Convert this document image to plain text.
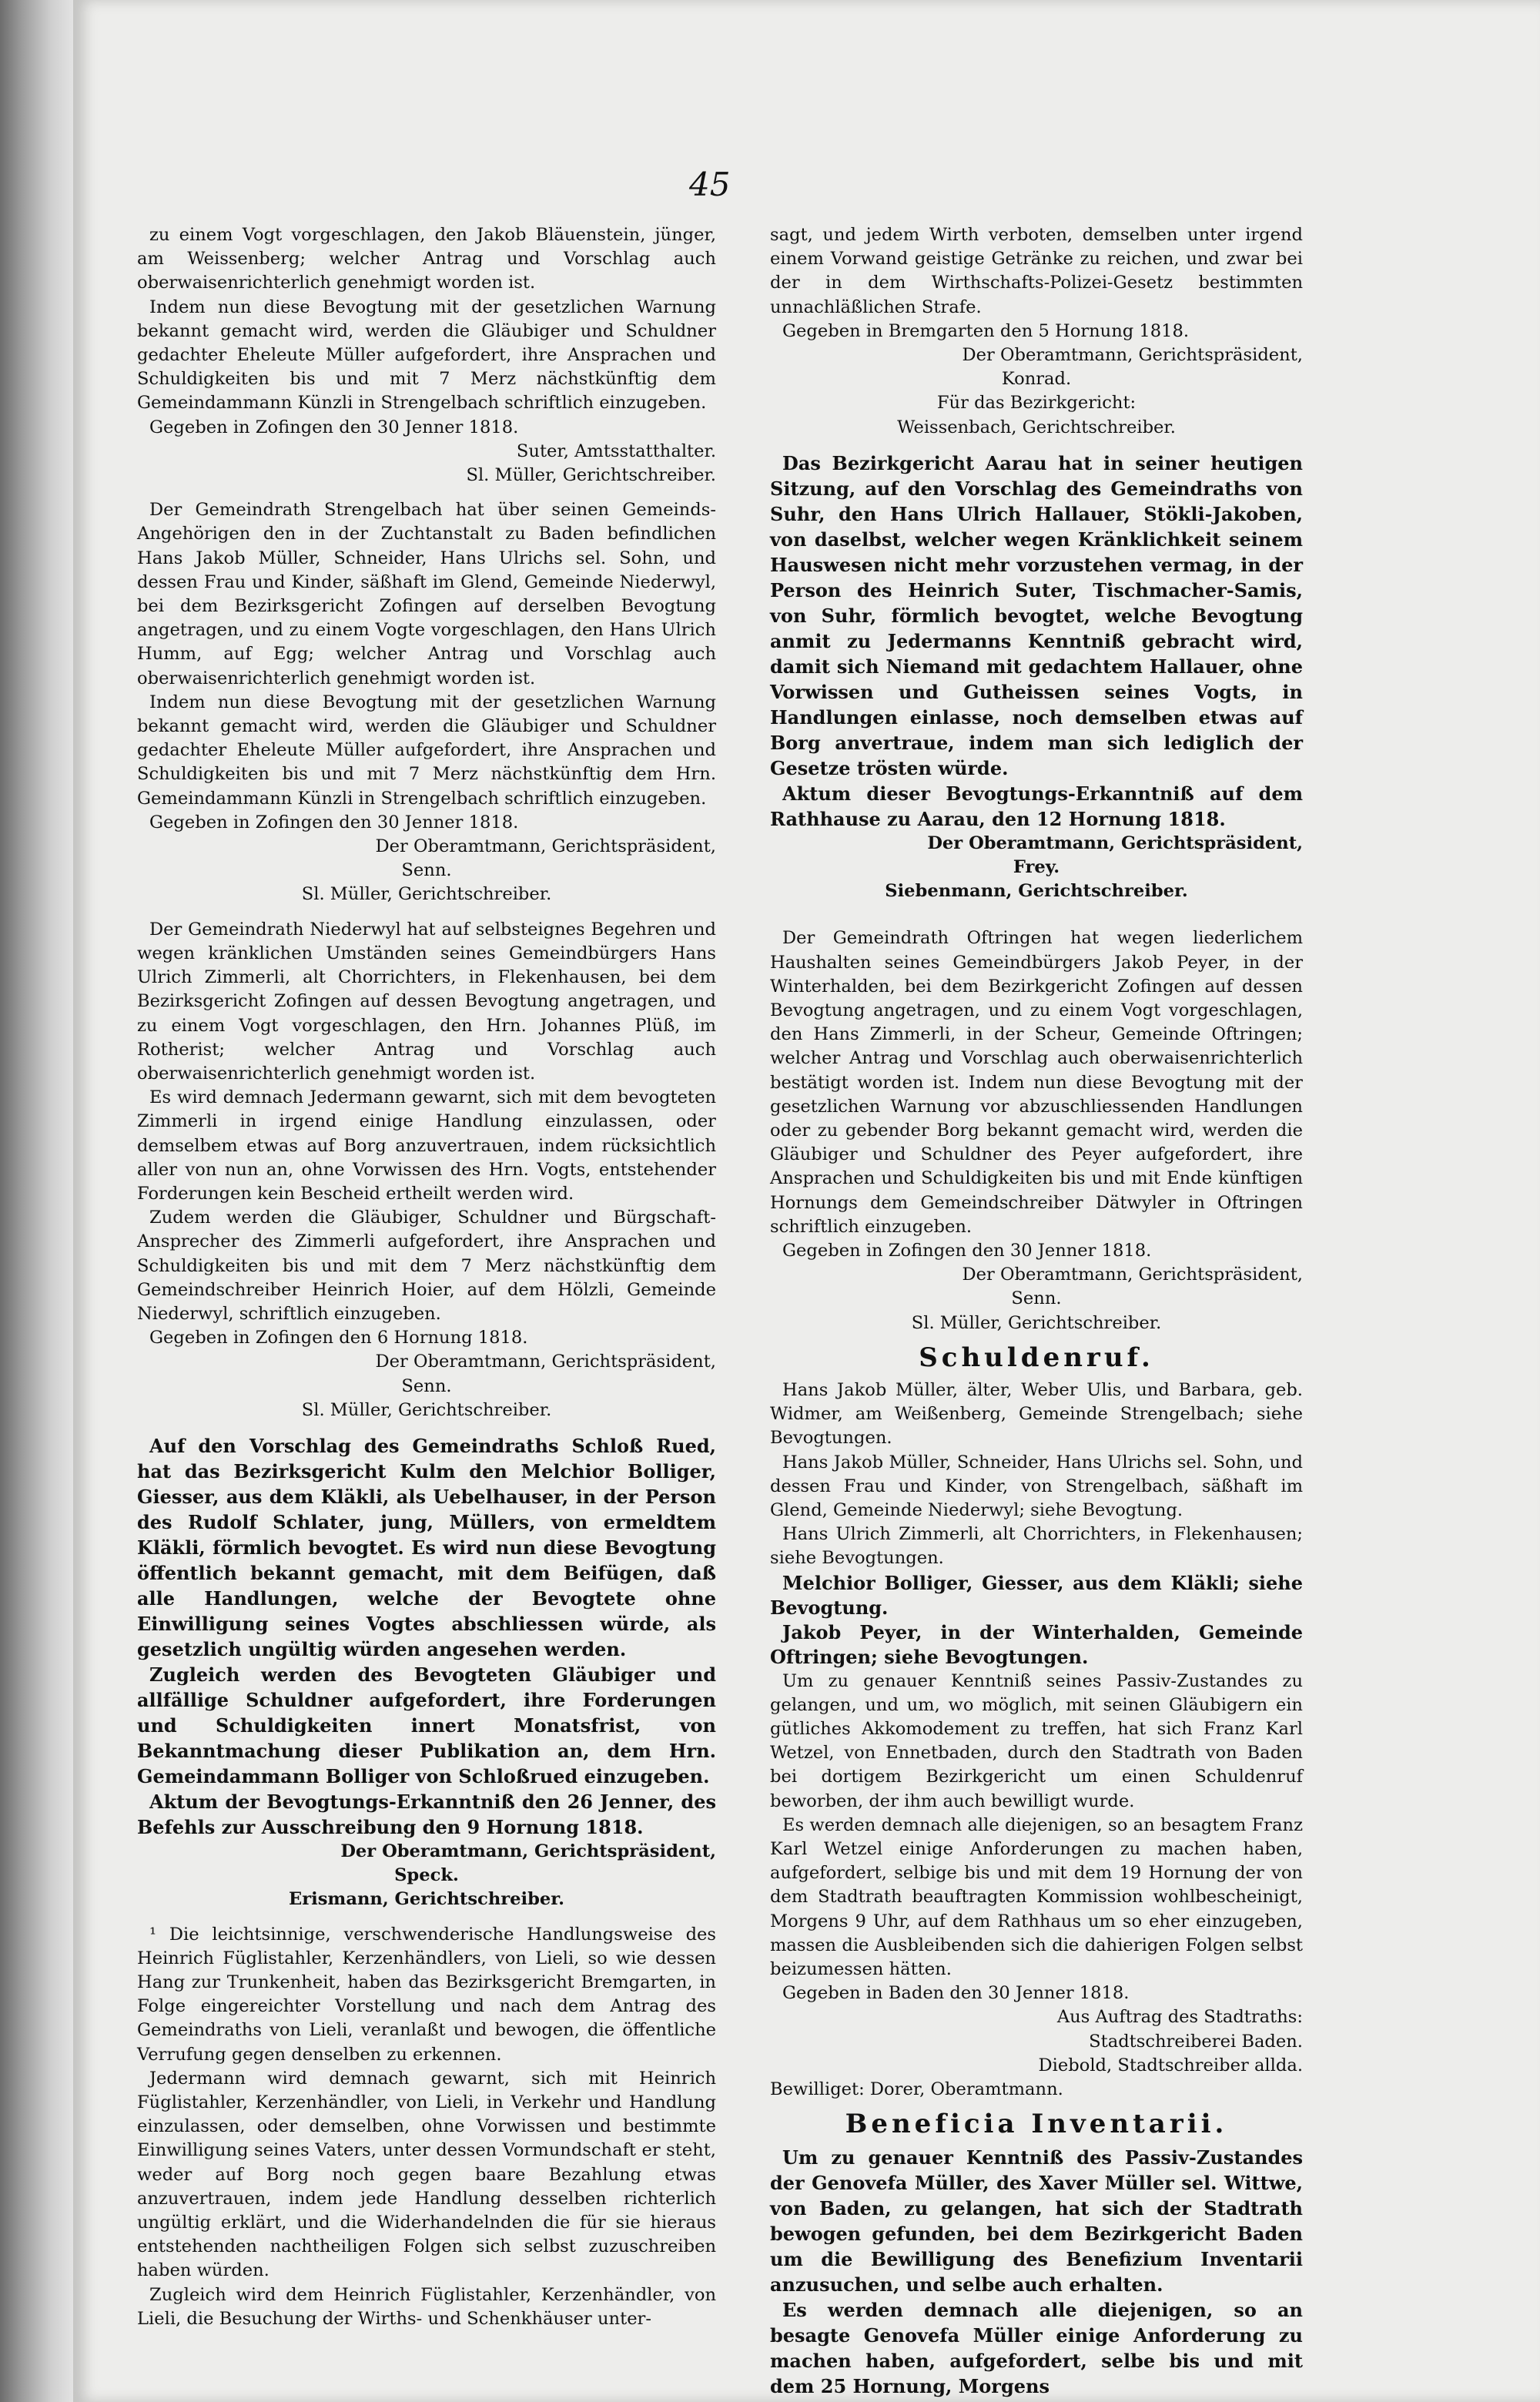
45

zu einem Vogt vorgeschlagen, den Jakob Bläuenstein, jünger, am Weissenberg; welcher Antrag und Vorschlag auch oberwaisenrichterlich genehmigt worden ist.

Indem nun diese Bevogtung mit der gesetzlichen Warnung bekannt gemacht wird, werden die Gläubiger und Schuldner gedachter Eheleute Müller aufgefordert, ihre Ansprachen und Schuldigkeiten bis und mit 7 Merz nächstkünftig dem Gemeindammann Künzli in Strengelbach schriftlich einzugeben.

Gegeben in Zofingen den 30 Jenner 1818.

Suter, Amtsstatthalter.
Sl. Müller, Gerichtschreiber.

Der Gemeindrath Strengelbach hat über seinen Gemeinds-Angehörigen den in der Zuchtanstalt zu Baden befindlichen Hans Jakob Müller, Schneider, Hans Ulrichs sel. Sohn, und dessen Frau und Kinder, säßhaft im Glend, Gemeinde Niederwyl, bei dem Bezirksgericht Zofingen auf derselben Bevogtung angetragen, und zu einem Vogte vorgeschlagen, den Hans Ulrich Humm, auf Egg; welcher Antrag und Vorschlag auch oberwaisenrichterlich genehmigt worden ist.

Indem nun diese Bevogtung mit der gesetzlichen Warnung bekannt gemacht wird, werden die Gläubiger und Schuldner gedachter Eheleute Müller aufgefordert, ihre Ansprachen und Schuldigkeiten bis und mit 7 Merz nächstkünftig dem Hrn. Gemeindammann Künzli in Strengelbach schriftlich einzugeben.

Gegeben in Zofingen den 30 Jenner 1818.

Der Oberamtmann, Gerichtspräsident,
Senn.
Sl. Müller, Gerichtschreiber.

Der Gemeindrath Niederwyl hat auf selbsteignes Begehren und wegen kränklichen Umständen seines Gemeindbürgers Hans Ulrich Zimmerli, alt Chorrichters, in Flekenhausen, bei dem Bezirksgericht Zofingen auf dessen Bevogtung angetragen, und zu einem Vogt vorgeschlagen, den Hrn. Johannes Plüß, im Rotherist; welcher Antrag und Vorschlag auch oberwaisenrichterlich genehmigt worden ist.

Es wird demnach Jedermann gewarnt, sich mit dem bevogteten Zimmerli in irgend einige Handlung einzulassen, oder demselbem etwas auf Borg anzuvertrauen, indem rücksichtlich aller von nun an, ohne Vorwissen des Hrn. Vogts, entstehender Forderungen kein Bescheid ertheilt werden wird.

Zudem werden die Gläubiger, Schuldner und Bürgschaft-Ansprecher des Zimmerli aufgefordert, ihre Ansprachen und Schuldigkeiten bis und mit dem 7 Merz nächstkünftig dem Gemeindschreiber Heinrich Hoier, auf dem Hölzli, Gemeinde Niederwyl, schriftlich einzugeben.

Gegeben in Zofingen den 6 Hornung 1818.

Der Oberamtmann, Gerichtspräsident,
Senn.
Sl. Müller, Gerichtschreiber.

Auf den Vorschlag des Gemeindraths Schloß Rued, hat das Bezirksgericht Kulm den Melchior Bolliger, Giesser, aus dem Kläkli, als Uebelhauser, in der Person des Rudolf Schlater, jung, Müllers, von ermeldtem Kläkli, förmlich bevogtet. Es wird nun diese Bevogtung öffentlich bekannt gemacht, mit dem Beifügen, daß alle Handlungen, welche der Bevogtete ohne Einwilligung seines Vogtes abschliessen würde, als gesetzlich ungültig würden angesehen werden.

Zugleich werden des Bevogteten Gläubiger und allfällige Schuldner aufgefordert, ihre Forderungen und Schuldigkeiten innert Monatsfrist, von Bekanntmachung dieser Publikation an, dem Hrn. Gemeindammann Bolliger von Schloßrued einzugeben.

Aktum der Bevogtungs-Erkanntniß den 26 Jenner, des Befehls zur Ausschreibung den 9 Hornung 1818.

Der Oberamtmann, Gerichtspräsident,
Speck.
Erismann, Gerichtschreiber.

¹ Die leichtsinnige, verschwenderische Handlungsweise des Heinrich Füglistahler, Kerzenhändlers, von Lieli, so wie dessen Hang zur Trunkenheit, haben das Bezirksgericht Bremgarten, in Folge eingereichter Vorstellung und nach dem Antrag des Gemeindraths von Lieli, veranlaßt und bewogen, die öffentliche Verrufung gegen denselben zu erkennen.

Jedermann wird demnach gewarnt, sich mit Heinrich Füglistahler, Kerzenhändler, von Lieli, in Verkehr und Handlung einzulassen, oder demselben, ohne Vorwissen und bestimmte Einwilligung seines Vaters, unter dessen Vormundschaft er steht, weder auf Borg noch gegen baare Bezahlung etwas anzuvertrauen, indem jede Handlung desselben richterlich ungültig erklärt, und die Widerhandelnden die für sie hieraus entstehenden nachtheiligen Folgen sich selbst zuzuschreiben haben würden.

Zugleich wird dem Heinrich Füglistahler, Kerzenhändler, von Lieli, die Besuchung der Wirths- und Schenkhäuser unter-

sagt, und jedem Wirth verboten, demselben unter irgend einem Vorwand geistige Getränke zu reichen, und zwar bei der in dem Wirthschafts-Polizei-Gesetz bestimmten unnachläßlichen Strafe.

Gegeben in Bremgarten den 5 Hornung 1818.

Der Oberamtmann, Gerichtspräsident,
Konrad.
Für das Bezirkgericht:
Weissenbach, Gerichtschreiber.

Das Bezirkgericht Aarau hat in seiner heutigen Sitzung, auf den Vorschlag des Gemeindraths von Suhr, den Hans Ulrich Hallauer, Stökli-Jakoben, von daselbst, welcher wegen Kränklichkeit seinem Hauswesen nicht mehr vorzustehen vermag, in der Person des Heinrich Suter, Tischmacher-Samis, von Suhr, förmlich bevogtet, welche Bevogtung anmit zu Jedermanns Kenntniß gebracht wird, damit sich Niemand mit gedachtem Hallauer, ohne Vorwissen und Gutheissen seines Vogts, in Handlungen einlasse, noch demselben etwas auf Borg anvertraue, indem man sich lediglich der Gesetze trösten würde.

Aktum dieser Bevogtungs-Erkanntniß auf dem Rathhause zu Aarau, den 12 Hornung 1818.

Der Oberamtmann, Gerichtspräsident,
Frey.
Siebenmann, Gerichtschreiber.

Der Gemeindrath Oftringen hat wegen liederlichem Haushalten seines Gemeindbürgers Jakob Peyer, in der Winterhalden, bei dem Bezirkgericht Zofingen auf dessen Bevogtung angetragen, und zu einem Vogt vorgeschlagen, den Hans Zimmerli, in der Scheur, Gemeinde Oftringen; welcher Antrag und Vorschlag auch oberwaisenrichterlich bestätigt worden ist. Indem nun diese Bevogtung mit der gesetzlichen Warnung vor abzuschliessenden Handlungen oder zu gebender Borg bekannt gemacht wird, werden die Gläubiger und Schuldner des Peyer aufgefordert, ihre Ansprachen und Schuldigkeiten bis und mit Ende künftigen Hornungs dem Gemeindschreiber Dätwyler in Oftringen schriftlich einzugeben.

Gegeben in Zofingen den 30 Jenner 1818.

Der Oberamtmann, Gerichtspräsident,
Senn.
Sl. Müller, Gerichtschreiber.
Schuldenruf.

Hans Jakob Müller, älter, Weber Ulis, und Barbara, geb. Widmer, am Weißenberg, Gemeinde Strengelbach; siehe Bevogtungen.

Hans Jakob Müller, Schneider, Hans Ulrichs sel. Sohn, und dessen Frau und Kinder, von Strengelbach, säßhaft im Glend, Gemeinde Niederwyl; siehe Bevogtung.

Hans Ulrich Zimmerli, alt Chorrichters, in Flekenhausen; siehe Bevogtungen.

Melchior Bolliger, Giesser, aus dem Kläkli; siehe Bevogtung.

Jakob Peyer, in der Winterhalden, Gemeinde Oftringen; siehe Bevogtungen.

Um zu genauer Kenntniß seines Passiv-Zustandes zu gelangen, und um, wo möglich, mit seinen Gläubigern ein gütliches Akkomodement zu treffen, hat sich Franz Karl Wetzel, von Ennetbaden, durch den Stadtrath von Baden bei dortigem Bezirkgericht um einen Schuldenruf beworben, der ihm auch bewilligt wurde.

Es werden demnach alle diejenigen, so an besagtem Franz Karl Wetzel einige Anforderungen zu machen haben, aufgefordert, selbige bis und mit dem 19 Hornung der von dem Stadtrath beauftragten Kommission wohlbescheinigt, Morgens 9 Uhr, auf dem Rathhaus um so eher einzugeben, massen die Ausbleibenden sich die dahierigen Folgen selbst beizumessen hätten.

Gegeben in Baden den 30 Jenner 1818.

Aus Auftrag des Stadtraths:
Stadtschreiberei Baden.
Diebold, Stadtschreiber allda.

Bewilliget: Dorer, Oberamtmann.

Beneficia Inventarii.

Um zu genauer Kenntniß des Passiv-Zustandes der Genovefa Müller, des Xaver Müller sel. Wittwe, von Baden, zu gelangen, hat sich der Stadtrath bewogen gefunden, bei dem Bezirkgericht Baden um die Bewilligung des Benefizium Inventarii anzusuchen, und selbe auch erhalten.

Es werden demnach alle diejenigen, so an besagte Genovefa Müller einige Anforderung zu machen haben, aufgefordert, selbe bis und mit dem 25 Hornung, Morgens
